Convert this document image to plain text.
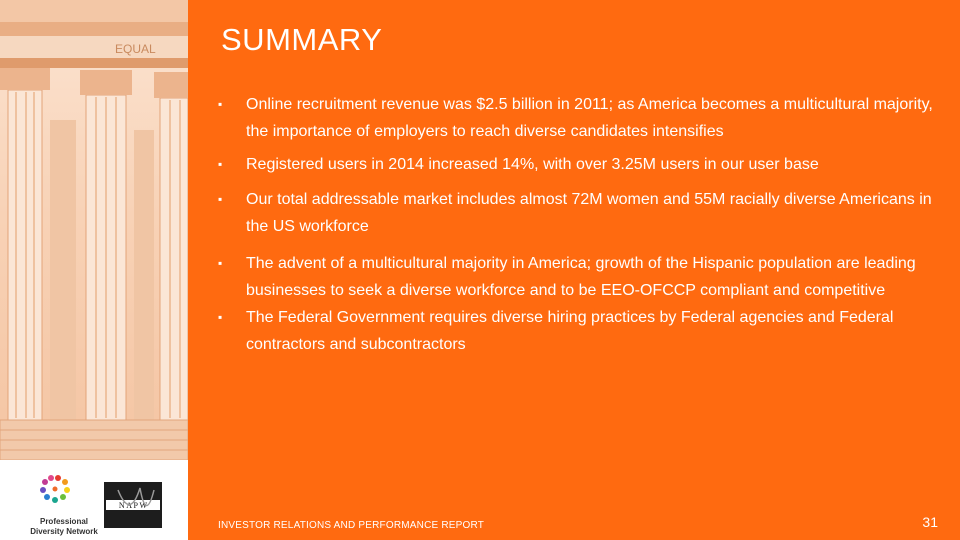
EQUAL
Professional
Diversity Network
N A P W
SUMMARY
▪ Online recruitment revenue was $2.5 billion in 2011; as America becomes a multicultural majority, the importance of employers to reach diverse candidates intensifies
▪ Registered users in 2014 increased 14%, with over 3.25M users in our user base
▪ Our total addressable market includes almost 72M women and 55M racially diverse Americans in the US workforce
▪ The advent of a multicultural majority in America; growth of the Hispanic population are leading businesses to seek a diverse workforce and to be EEO-OFCCP compliant and competitive
▪ The Federal Government requires diverse hiring practices by Federal agencies and Federal contractors and subcontractors
INVESTOR RELATIONS AND PERFORMANCE REPORT	31
